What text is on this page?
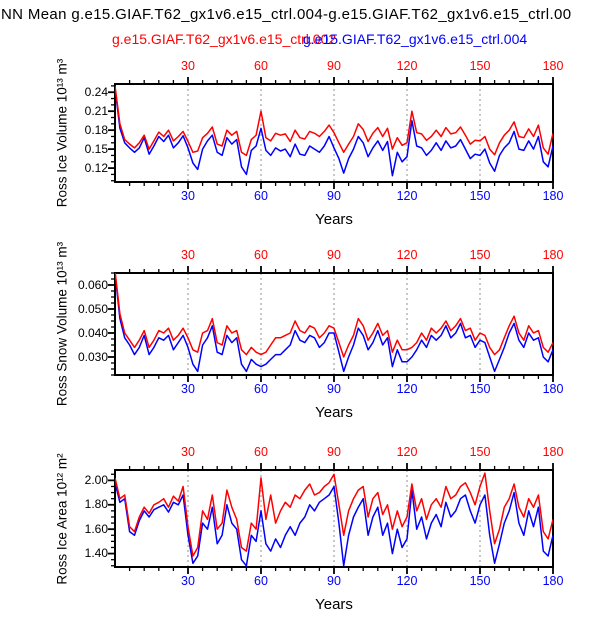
NN Mean g.e15.GIAF.T62_gx1v6.e15_ctrl.004-g.e15.GIAF.T62_gx1v6.e15_ctrl.00
g.e15.GIAF.T62_gx1v6.e15_ctrl.002
g.e15.GIAF.T62_gx1v6.e15_ctrl.004
30
30
60
60
90
90
120
120
150
150
180
180
0.24
0.21
0.18
0.15
0.12
Years
Ross Ice Volume 10¹³ m³
30
30
60
60
90
90
120
120
150
150
180
180
0.060
0.050
0.040
0.030
Years
Ross Snow Volume 10¹³ m³
30
30
60
60
90
90
120
120
150
150
180
180
2.00
1.80
1.60
1.40
Years
Ross Ice Area 10¹² m²
